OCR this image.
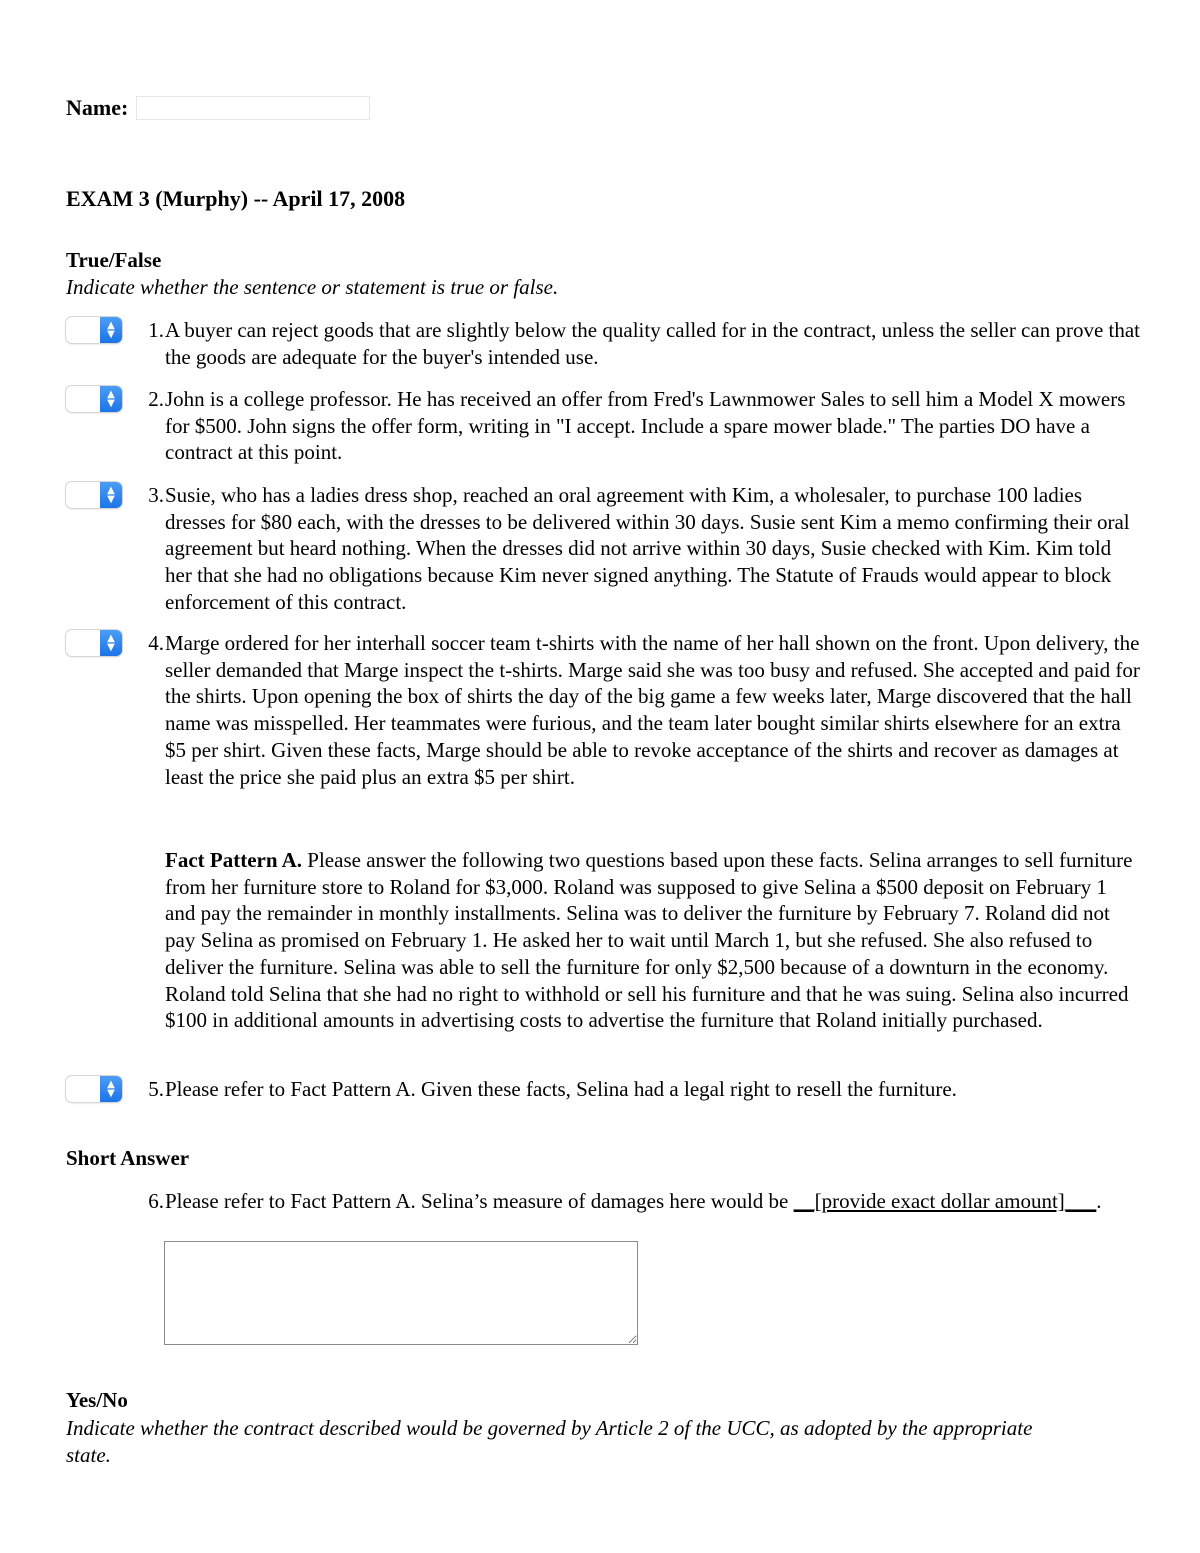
Name:
EXAM 3 (Murphy) -- April 17, 2008
True/False
Indicate whether the sentence or statement is true or false.
▲
▼	1. A buyer can reject goods that are slightly below the quality called for in the contract, unless the seller can prove that the goods are adequate for the buyer's intended use.
▲
▼	2. John is a college professor. He has received an offer from Fred's Lawnmower Sales to sell him a Model X mowers for $500. John signs the offer form, writing in "I accept. Include a spare mower blade." The parties DO have a contract at this point.
▲
▼	3. Susie, who has a ladies dress shop, reached an oral agreement with Kim, a wholesaler, to purchase 100 ladies dresses for $80 each, with the dresses to be delivered within 30 days. Susie sent Kim a memo confirming their oral agreement but heard nothing. When the dresses did not arrive within 30 days, Susie checked with Kim. Kim told her that she had no obligations because Kim never signed anything. The Statute of Frauds would appear to block enforcement of this contract.
▲
▼	4. Marge ordered for her interhall soccer team t-shirts with the name of her hall shown on the front. Upon delivery, the seller demanded that Marge inspect the t-shirts. Marge said she was too busy and refused. She accepted and paid for the shirts. Upon opening the box of shirts the day of the big game a few weeks later, Marge discovered that the hall name was misspelled. Her teammates were furious, and the team later bought similar shirts elsewhere for an extra $5 per shirt. Given these facts, Marge should be able to revoke acceptance of the shirts and recover as damages at least the price she paid plus an extra $5 per shirt.
Fact Pattern A. Please answer the following two questions based upon these facts. Selina arranges to sell furniture from her furniture store to Roland for $3,000. Roland was supposed to give Selina a $500 deposit on February 1 and pay the remainder in monthly installments. Selina was to deliver the furniture by February 7. Roland did not pay Selina as promised on February 1. He asked her to wait until March 1, but she refused. She also refused to deliver the furniture. Selina was able to sell the furniture for only $2,500 because of a downturn in the economy. Roland told Selina that she had no right to withhold or sell his furniture and that he was suing. Selina also incurred $100 in additional amounts in advertising costs to advertise the furniture that Roland initially purchased.
▲
▼	5. Please refer to Fact Pattern A. Given these facts, Selina had a legal right to resell the furniture.
Short Answer
6. Please refer to Fact Pattern A. Selina’s measure of damages here would be __[provide exact dollar amount]___.
Yes/No
Indicate whether the contract described would be governed by Article 2 of the UCC, as adopted by the appropriate state.
